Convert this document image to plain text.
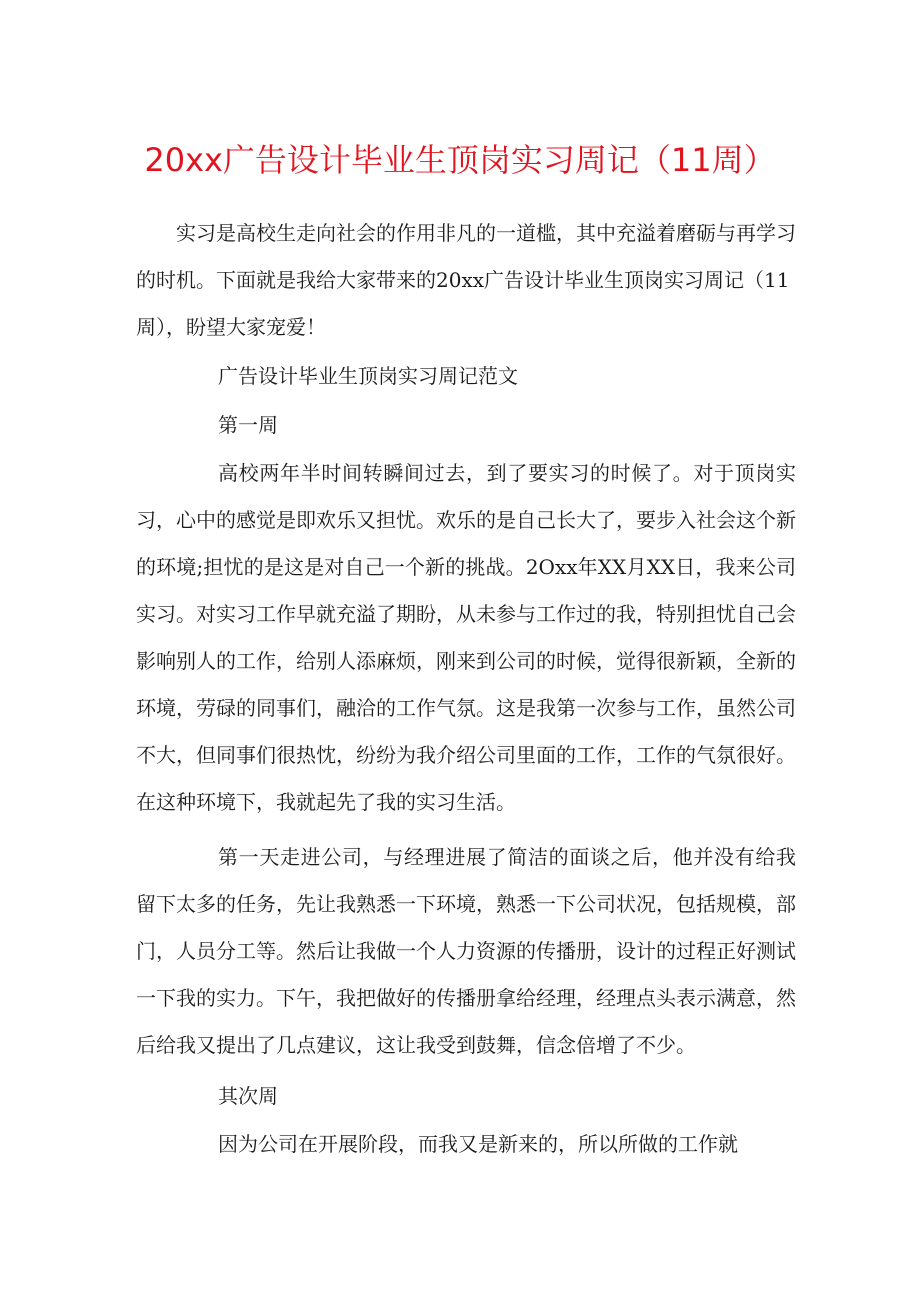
20xx广告设计毕业生顶岗实习周记（11周）

实习是高校生走向社会的作用非凡的一道槛，其中充溢着磨砺与再学习的时机。下面就是我给大家带来的20xx广告设计毕业生顶岗实习周记（11周），盼望大家宠爱！

广告设计毕业生顶岗实习周记范文

第一周

高校两年半时间转瞬间过去，到了要实习的时候了。对于顶岗实习，心中的感觉是即欢乐又担忧。欢乐的是自己长大了，要步入社会这个新的环境;担忧的是这是对自己一个新的挑战。2Oxx年XX月XX日，我来公司实习。对实习工作早就充溢了期盼，从未参与工作过的我，特别担忧自己会影响别人的工作，给别人添麻烦，刚来到公司的时候，觉得很新颖，全新的环境，劳碌的同事们，融洽的工作气氛。这是我第一次参与工作，虽然公司不大，但同事们很热忱，纷纷为我介绍公司里面的工作，工作的气氛很好。在这种环境下，我就起先了我的实习生活。

第一天走进公司，与经理进展了简洁的面谈之后，他并没有给我留下太多的任务，先让我熟悉一下环境，熟悉一下公司状况，包括规模，部门，人员分工等。然后让我做一个人力资源的传播册，设计的过程正好测试一下我的实力。下午，我把做好的传播册拿给经理，经理点头表示满意，然后给我又提出了几点建议，这让我受到鼓舞，信念倍增了不少。

其次周

因为公司在开展阶段，而我又是新来的，所以所做的工作就
